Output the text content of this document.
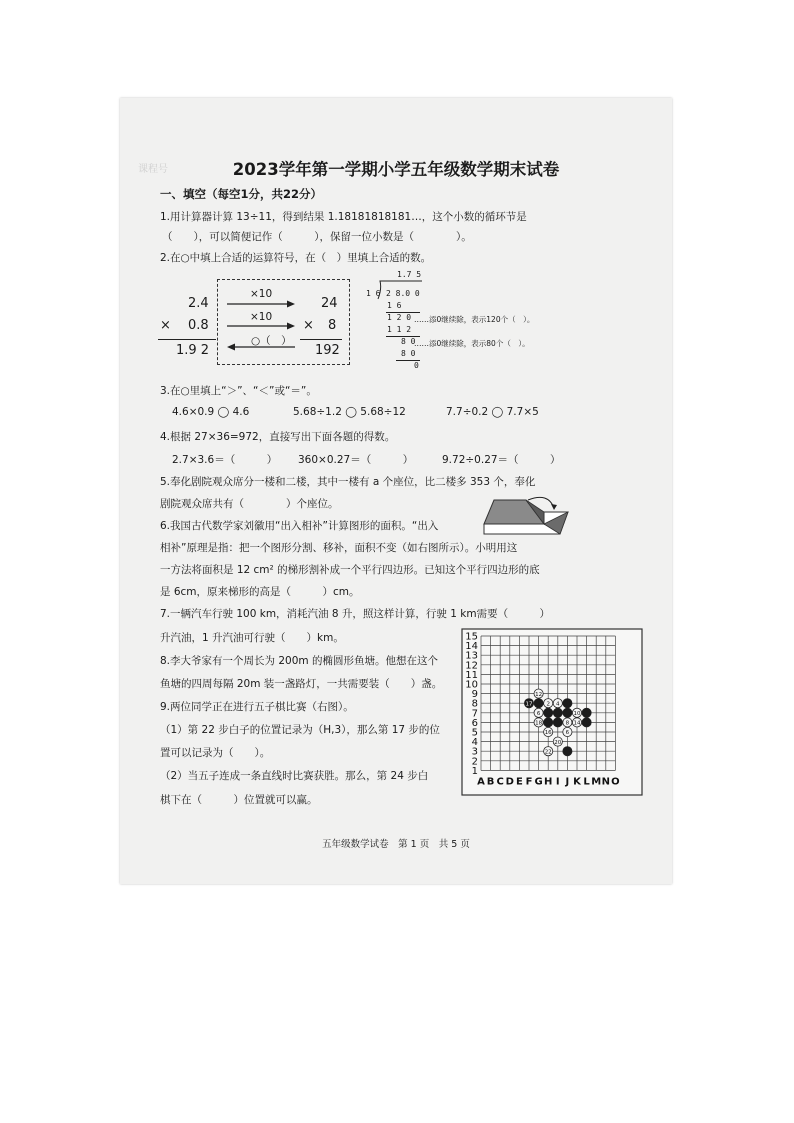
课程号	2023学年第一学期小学五年级数学期末试卷
一、填空（每空1分，共22分）
1.用计算器计算 13÷11，得到结果 1.18181818181…，这个小数的循环节是
（　　），可以简便记作（　　　），保留一位小数是（　　　　）。
2.在○中填上合适的运算符号，在（　）里填上合适的数。
2.4
× 0.8
1.9 2
×10
×10
○（　）
24
× 8
192
1.7 5
1 6 2 8.0 0
1 6
1 2 0 ……添0继续除，表示120个（　）。
1 1 2
8 0
……添0继续除，表示80个（　）。
8 0
0
3.在○里填上“＞”、“＜”或“＝”。
4.6×0.9 ◯ 4.6	5.68÷1.2 ◯ 5.68÷12	7.7÷0.2 ◯ 7.7×5
4.根据 27×36=972，直接写出下面各题的得数。
2.7×3.6＝（　　　） 360×0.27＝（　　　）	9.72÷0.27＝（　　　）
5.奉化剧院观众席分一楼和二楼，其中一楼有 a 个座位，比二楼多 353 个，奉化
剧院观众席共有（　　　　）个座位。
6.我国古代数学家刘徽用“出入相补”计算图形的面积。“出入
相补”原理是指：把一个图形分割、移补，面积不变（如右图所示）。小明用这
一方法将面积是 12 cm² 的梯形割补成一个平行四边形。已知这个平行四边形的底
是 6cm，原来梯形的高是（　　　）cm。
7.一辆汽车行驶 100 km，消耗汽油 8 升，照这样计算，行驶 1 km需要（　　　）
升汽油，1 升汽油可行驶（　　）km。
8.李大爷家有一个周长为 200m 的椭圆形鱼塘。他想在这个
鱼塘的四周每隔 20m 装一盏路灯，一共需要装（　　）盏。
9.两位同学正在进行五子棋比赛（右图）。
（1）第 22 步白子的位置记录为（H,3），那么第 17 步的位
置可以记录为（　　）。
（2）当五子连成一条直线时比赛获胜。那么，第 24 步白
棋下在（　　　）位置就可以赢。
15
14
13
12
11
10
9
8
7
6
5
4
3
2
1
A B C D E F G H I J K L M N O
12
17	2 4
6	10
18	8 14
16	6
20
22
五年级数学试卷　第 1 页　共 5 页
